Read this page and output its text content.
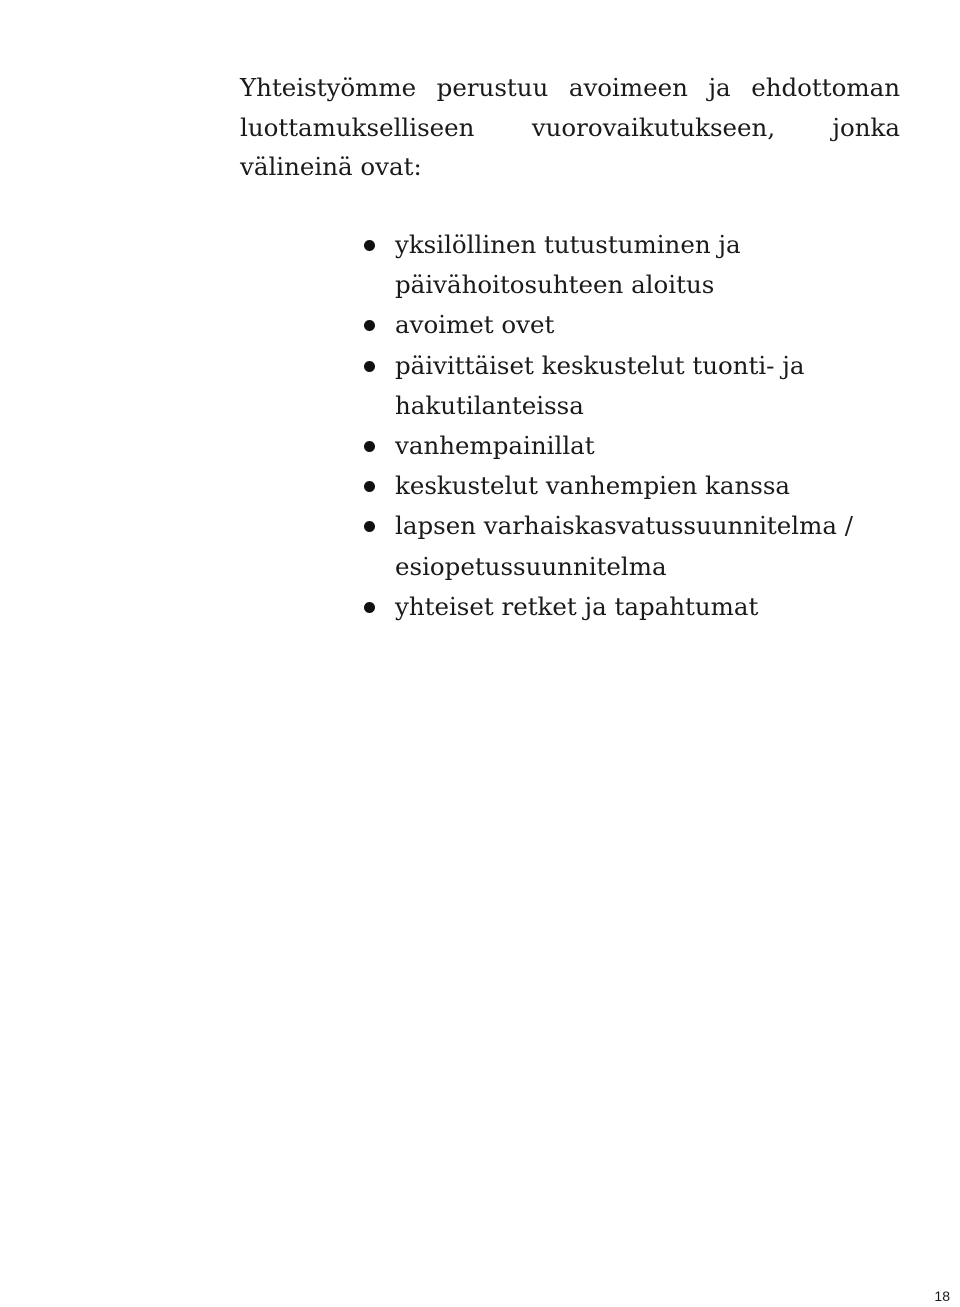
Yhteistyömme perustuu avoimeen ja ehdottoman
luottamukselliseen vuorovaikutukseen, jonka
välineinä ovat:

yksilöllinen tutustuminen ja
päivähoitosuhteen aloitus
avoimet ovet
päivittäiset keskustelut tuonti- ja
hakutilanteissa
vanhempainillat
keskustelut vanhempien kanssa
lapsen varhaiskasvatussuunnitelma /
esiopetussuunnitelma
yhteiset retket ja tapahtumat
18
